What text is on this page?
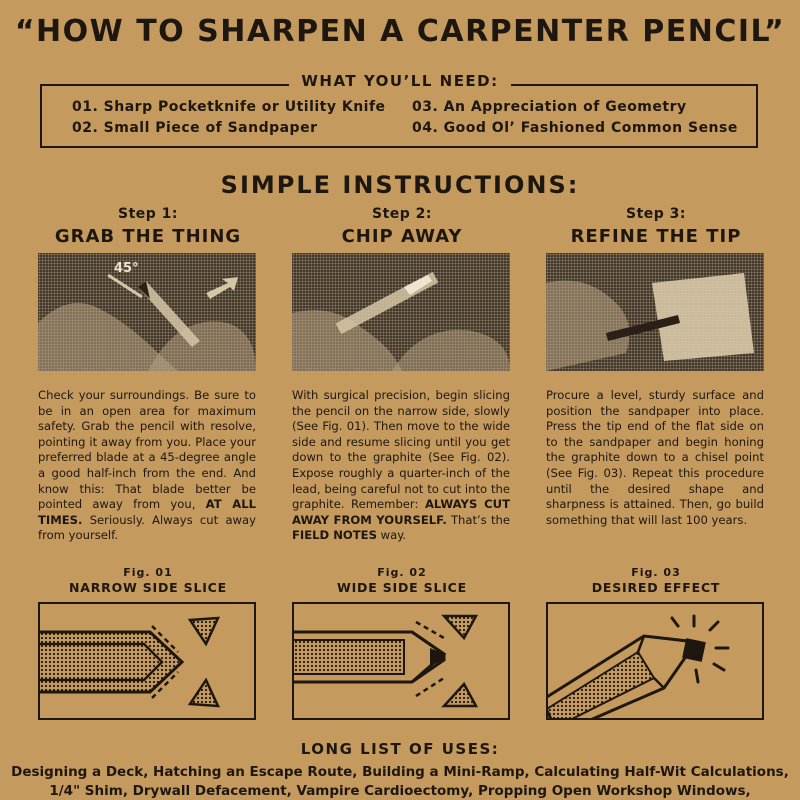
“HOW TO SHARPEN A CARPENTER PENCIL”
WHAT YOU’LL NEED:
01. Sharp Pocketknife or Utility Knife
02. Small Piece of Sandpaper
03. An Appreciation of Geometry
04. Good Ol’ Fashioned Common Sense
SIMPLE INSTRUCTIONS:
Step 1:
GRAB THE THING
Step 2:
CHIP AWAY
Step 3:
REFINE THE TIP
45°
Check your surroundings. Be sure to be in an open area for maximum safety. Grab the pencil with resolve, pointing it away from you. Place your preferred blade at a 45-degree angle a good half-inch from the end. And know this: That blade better be pointed away from you, AT ALL TIMES. Seriously. Always cut away from yourself.
With surgical precision, begin slicing the pencil on the narrow side, slowly (See Fig. 01). Then move to the wide side and resume slicing until you get down to the graphite (See Fig. 02). Expose roughly a quarter-inch of the lead, being careful not to cut into the graphite. Remember: ALWAYS CUT AWAY FROM YOURSELF. That’s the FIELD NOTES way.
Procure a level, sturdy surface and position the sandpaper into place. Press the tip end of the flat side on to the sandpaper and begin honing the graphite down to a chisel point (See Fig. 03). Repeat this procedure until the desired shape and sharpness is attained. Then, go build something that will last 100 years.
Fig. 01
NARROW SIDE SLICE
Fig. 02
WIDE SIDE SLICE
Fig. 03
DESIRED EFFECT
LONG LIST OF USES:
Designing a Deck, Hatching an Escape Route, Building a Mini-Ramp, Calculating Half-Wit Calculations,
1/4" Shim, Drywall Defacement, Vampire Cardioectomy, Propping Open Workshop Windows,
